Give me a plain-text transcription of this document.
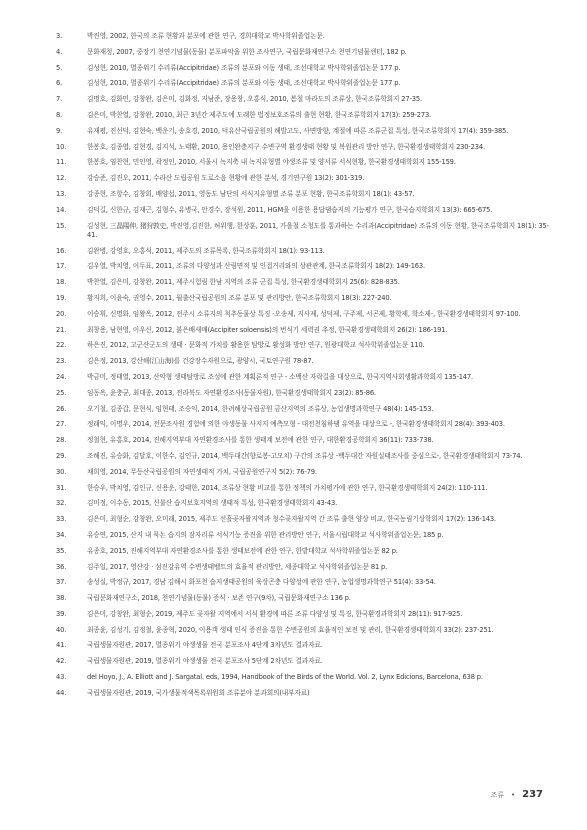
3.	박진영, 2002, 한국의 조류 현황과 분포에 관한 연구, 경희대학교 박사학위졸업논문.
4.	문화재청, 2007, 중장기 천연기념물(동물) 분포파악을 위한 조사연구, 국립문화재연구소 천연기념물센터, 182 p.
5.	김성현, 2010, 멸종위기 수리류(Accipitridae) 조류의 분포와 이동 생태, 조선대학교 박사학위졸업논문 177 p.
6.	김성현, 2010, 멸종위기 수리류(Accipitridae) 조류의 분포와 이동 생태, 조선대학교 박사학위졸업논문 177 p.
7.	김명호, 김화민, 강창완, 김은미, 김화정, 지남준, 장용창, 오홍식, 2010, 봄철 마라도의 조류상, 한국조류학회지 27-35.
8.	김은미, 박찬열, 강창완, 2010, 최근 3년간 제주도에 도래한 법정보호조류의 출현 현황, 한국조류학회지 17(3): 259-273.
9.	유재평, 진선덕, 김현숙, 백운기, 송호경, 2010, 덕유산국립공원의 해발고도, 사면방향, 계절에 따른 조류군집 특성, 한국조류학회지 17(4): 359-385.
10.	한봉호, 김종엽, 김현경, 김지석, 노태환, 2010, 용인완충지구 수변구역 환경생태 현황 및 복원관리 방안 연구, 한국환경생태학회지 230-234.
11.	한봉호, 염찬현, 민인영, 곽정인, 2010, 서울시 녹지축 내 녹지유형별 야생조류 및 양서류 서식현황, 한국환경생태학회지 155-159.
12.	강승준, 김진오, 2011, 수라산 도립공원 도로소음 현황에 관한 분석, 경기연구원 13(2): 301-319.
13.	강종현, 조항수, 김창회, 배양섭, 2011, 영동도 남단의 서식지유형별 조류 분포 현황, 한국조류학회지 18(1): 43-57.
14.	김덕길, 신한규, 김재근, 김형수, 유병국, 안경수, 장석원, 2011, HGM을 이용한 용답댐습지의 기능평가 연구, 한국습지학회지 13(3): 665-675.
15.	김성현, 三晶陽伸, 猪狩敦史, 박진영,김진한, 허위행, 한상훈, 2011, 가을철 소청도를 통과하는 수리과(Accipitridae) 조류의 이동 현황, 한국조류학회지 18(1): 35-41.
16.	김완병, 강영호, 오홍식, 2011, 제주도의 조류목록, 한국조류학회지 18(1): 93-113.
17.	김우열, 박치영, 이두표, 2011, 조류의 다양성과 산림면적 및 인접거리와의 상관관계, 한국조류학회지 18(2): 149-163.
18.	박찬열, 김은미, 강창완, 2011, 제주시험림 한남 지역의 조류 군집 특성, 한국환경생태학회지 25(6): 828-835.
19.	황지희, 이윤숙, 권영수, 2011, 월출산국립공원의 조류 분포 및 관리방안, 한국조류학회지 18(3): 227-240.
20.	이승휘, 신명화, 임왕옥, 2012, 전주시 소류지의 척추동물상 특징 -오송제, 지사제, 성덕제, 구주제, 서곤제, 황학제, 학소제-, 한국환경생태학회지 97-100.
21.	최창용, 남현영, 이우신, 2012, 붉은배새매(Accipiter soloensis)의 번식기 세력권 추정, 한국환경생태학회지 26(2): 186-191.
22.	하은진, 2012, 고군산군도의 생태 · 문화적 가치를 활용한 탐방로 활성화 방안 연구, 원광대학교 석사학위졸업논문 110.
23.	김은정, 2013, 강산해(江山海)를 건강장수자원으로, 광양시, 국토연구원 78-87.
24.	박금미, 정태열, 2013, 산악형 생태탐방로 조성에 관한 계획론적 연구 - 소백산 자락길을 대상으로, 한국지역사회생활과학회지 135-147.
25.	임동옥, 윤충균, 최대종, 2013, 전라북도 자연환경조사(동물자원), 한국환경생태학회지 23(2): 85-86.
26.	오기철, 김종갑, 문현식, 임현태, 조승익, 2014, 한려해상국립공원 금산지역의 조류상, 농업생명과학연구 48(4): 145-153.
27.	정래익, 이명우, 2014, 전문조사원 경험에 의한 야생동물 사지지 예측모형 - 대전천침하댐 유역을 대상으로 -, 한국환경생태학회지 28(4): 393-403.
28.	정철현, 유홍호, 2014, 진해지역부대 자연환경조사를 통한 생태계 보전에 관한 연구, 대한환경공학회지 36(11): 733-738.
29.	조해진, 유승화, 김달호, 이한수, 김인규, 2014, 백두대간(향로봉-고모치) 구간의 조류상 -백두대간 자원실태조사를 중심으로-, 한국환경생태학회지 73-74.
30.	채희영, 2014, 무등산국립공원의 자연생태적 가치, 국립공원연구지 5(2): 76-79.
31.	한승우, 박치영, 김인규, 신용운, 강태한, 2014, 조류상 현황 비교를 통한 정책의 가치평가에 관한 연구, 한국환경생태학회지 24(2): 110-111.
32.	김미정, 이수동, 2015, 신불산 습지보호지역의 생태적 특성, 한국환경생태학회지 43-43.
33.	김은미, 최형순, 강창완, 오미래, 2015, 제주도 선흘곶자왈지역과 청수곶자왈지역 간 조류 출현 양상 비교, 한국농림기상학회지 17(2): 136-143.
34.	유승연, 2015, 산지 내 묵논 습지의 잠자리류 서식기능 증진을 위한 관리방안 연구, 서울시립대학교 석사학위졸업논문, 185 p.
35.	유종호, 2015, 진해지역부대 자연환경조사를 통한 생태보전에 관한 연구, 한밭대학교 석사학위졸업논문 82 p.
36.	김주일, 2017, 영산강 · 섬진강유역 수변생태벨트의 효율적 관리방안, 세종대학교 석사학위졸업논문 81 p.
37.	송성실, 박정규, 2017, 경남 김해시 화포천 습지생태공원의 육상곤충 다양성에 관한 연구, 농업생명과학연구 51(4): 33-54.
38.	국립문화재연구소, 2018, 천연기념물(동물) 증식 · 보존 연구(9차), 국립문화재연구소 136 p.
39.	김은미, 강창완, 최형순, 2019, 제주도 곶자왈 지역에서 서식 환경에 따른 조류 다양성 및 특징, 한국환경과학회지 28(11): 917-925.
40.	최종윤, 김성기, 김정철, 윤종혁, 2020, 이용객 생태 인식 증진을 통한 수변공원의 효율적인 보전 및 관리, 한국환경생태학회지 33(2): 237-251.
41.	국립생물자원관, 2017, 멸종위기 야생생물 전국 분포조사 4단계 3차년도 결과자료.
42.	국립생물자원관, 2019, 멸종위기 야생생물 전국 분포조사 5단계 2차년도 결과자료.
43.	del Hoyo, J., A. Elliott and J. Sargatal. eds, 1994, Handbook of the Birds of the World. Vol. 2, Lynx Edicions, Barcelona, 638 p.
44.	국립생물자원관, 2019, 국가생물적색목록위원회 조류분야 분과회의(내부자료)
조류 • 237
